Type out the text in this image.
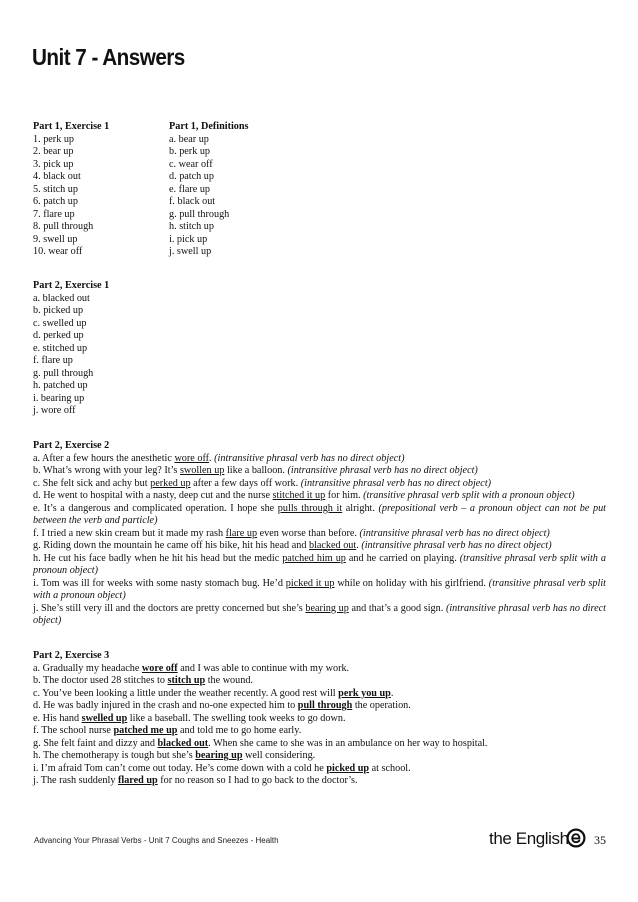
Unit 7 - Answers
Part 1, Exercise 1
1. perk up
2. bear up
3. pick up
4. black out
5. stitch up
6. patch up
7. flare up
8. pull through
9. swell up
10. wear off
Part 1, Definitions
a. bear up
b. perk up
c. wear off
d. patch up
e. flare up
f. black out
g. pull through
h. stitch up
i. pick up
j. swell up
Part 2, Exercise 1
a. blacked out
b. picked up
c. swelled up
d. perked up
e. stitched up
f. flare up
g. pull through
h. patched up
i. bearing up
j. wore off
Part 2, Exercise 2
a. After a few hours the anesthetic wore off. (intransitive phrasal verb has no direct object)
b. What’s wrong with your leg? It’s swollen up like a balloon. (intransitive phrasal verb has no direct object)
c. She felt sick and achy but perked up after a few days off work. (intransitive phrasal verb has no direct object)
d. He went to hospital with a nasty, deep cut and the nurse stitched it up for him. (transitive phrasal verb split with a pronoun object)
e. It’s a dangerous and complicated operation. I hope she pulls through it alright. (prepositional verb – a pronoun object can not be put between the verb and particle)
f. I tried a new skin cream but it made my rash flare up even worse than before. (intransitive phrasal verb has no direct object)
g. Riding down the mountain he came off his bike, hit his head and blacked out. (intransitive phrasal verb has no direct object)
h. He cut his face badly when he hit his head but the medic patched him up and he carried on playing. (transitive phrasal verb split with a pronoun object)
i. Tom was ill for weeks with some nasty stomach bug. He’d picked it up while on holiday with his girlfriend. (transitive phrasal verb split with a pronoun object)
j. She’s still very ill and the doctors are pretty concerned but she’s bearing up and that’s a good sign. (intransitive phrasal verb has no direct object)
Part 2, Exercise 3
a. Gradually my headache wore off and I was able to continue with my work.
b. The doctor used 28 stitches to stitch up the wound.
c. You’ve been looking a little under the weather recently. A good rest will perk you up.
d. He was badly injured in the crash and no-one expected him to pull through the operation.
e. His hand swelled up like a baseball. The swelling took weeks to go down.
f. The school nurse patched me up and told me to go home early.
g. She felt faint and dizzy and blacked out. When she came to she was in an ambulance on her way to hospital.
h. The chemotherapy is tough but she’s bearing up well considering.
i. I’m afraid Tom can’t come out today. He’s come down with a cold he picked up at school.
j. The rash suddenly flared up for no reason so I had to go back to the doctor’s.
Advancing Your Phrasal Verbs - Unit 7 Coughs and Sneezes - Health	the English 35
